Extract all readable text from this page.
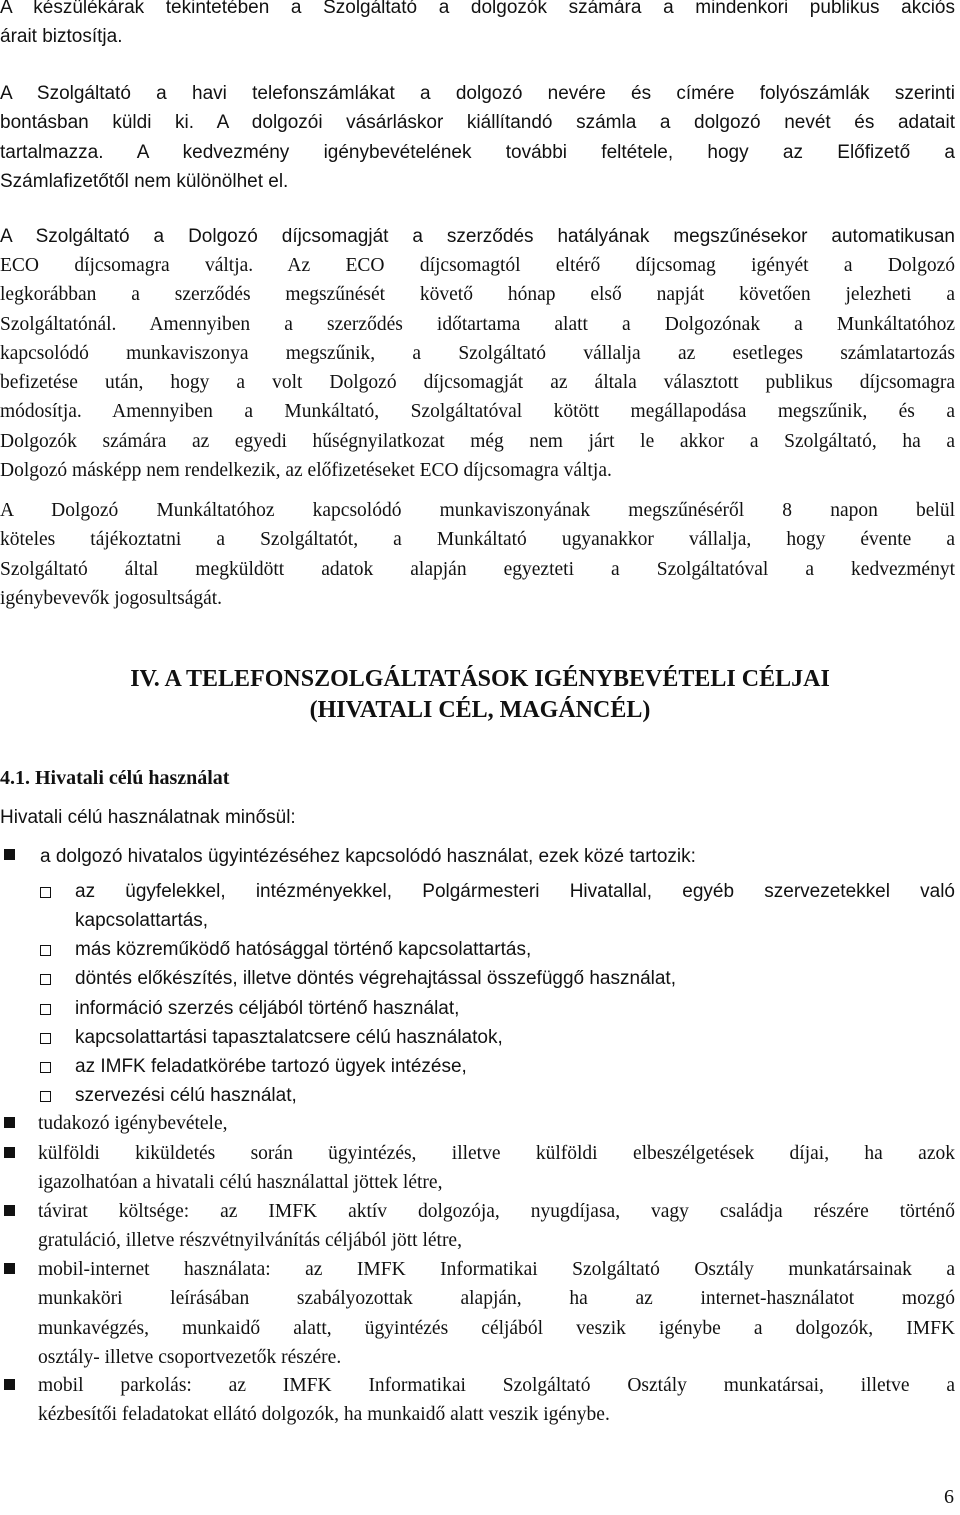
A készülékárak tekintetében a Szolgáltató a dolgozók számára a mindenkori publikus akciós
árait biztosítja.
A Szolgáltató a havi telefonszámlákat a dolgozó nevére és címére folyószámlák szerinti
bontásban küldi ki. A dolgozói vásárláskor kiállítandó számla a dolgozó nevét és adatait
tartalmazza. A kedvezmény igénybevételének további feltétele, hogy az Előfizető a
Számlafizetőtől nem különölhet el.
A Szolgáltató a Dolgozó díjcsomagját a szerződés hatályának megszűnésekor automatikusan
ECO díjcsomagra váltja. Az ECO díjcsomagtól eltérő díjcsomag igényét a Dolgozó
legkorábban a szerződés megszűnését követő hónap első napját követően jelezheti a
Szolgáltatónál. Amennyiben a szerződés időtartama alatt a Dolgozónak a Munkáltatóhoz
kapcsolódó munkaviszonya megszűnik, a Szolgáltató vállalja az esetleges számlatartozás
befizetése után, hogy a volt Dolgozó díjcsomagját az általa választott publikus díjcsomagra
módosítja. Amennyiben a Munkáltató, Szolgáltatóval kötött megállapodása megszűnik, és a
Dolgozók számára az egyedi hűségnyilatkozat még nem járt le akkor a Szolgáltató, ha a
Dolgozó másképp nem rendelkezik, az előfizetéseket ECO díjcsomagra váltja.
A Dolgozó Munkáltatóhoz kapcsolódó munkaviszonyának megszűnéséről 8 napon belül
köteles tájékoztatni a Szolgáltatót, a Munkáltató ugyanakkor vállalja, hogy évente a
Szolgáltató által megküldött adatok alapján egyezteti a Szolgáltatóval a kedvezményt
igénybevevők jogosultságát.
IV. A TELEFONSZOLGÁLTATÁSOK IGÉNYBEVÉTELI CÉLJAI
(HIVATALI CÉL, MAGÁNCÉL)
4.1. Hivatali célú használat
Hivatali célú használatnak minősül:
a dolgozó hivatalos ügyintézéséhez kapcsolódó használat, ezek közé tartozik:
az ügyfelekkel, intézményekkel, Polgármesteri Hivatallal, egyéb szervezetekkel való
kapcsolattartás,
más közreműködő hatósággal történő kapcsolattartás,
döntés előkészítés, illetve döntés végrehajtással összefüggő használat,
információ szerzés céljából történő használat,
kapcsolattartási tapasztalatcsere célú használatok,
az IMFK feladatkörébe tartozó ügyek intézése,
szervezési célú használat,
tudakozó igénybevétele,
külföldi kiküldetés során ügyintézés, illetve külföldi elbeszélgetések díjai, ha azok
igazolhatóan a hivatali célú használattal jöttek létre,
távirat költsége: az IMFK aktív dolgozója, nyugdíjasa, vagy családja részére történő
gratuláció, illetve részvétnyilvánítás céljából jött létre,
mobil-internet használata: az IMFK Informatikai Szolgáltató Osztály munkatársainak a
munkaköri leírásában szabályozottak alapján, ha az internet-használatot mozgó
munkavégzés, munkaidő alatt, ügyintézés céljából veszik igénybe a dolgozók, IMFK
osztály- illetve csoportvezetők részére.
mobil parkolás: az IMFK Informatikai Szolgáltató Osztály munkatársai, illetve a
kézbesítői feladatokat ellátó dolgozók, ha munkaidő alatt veszik igénybe.
6
